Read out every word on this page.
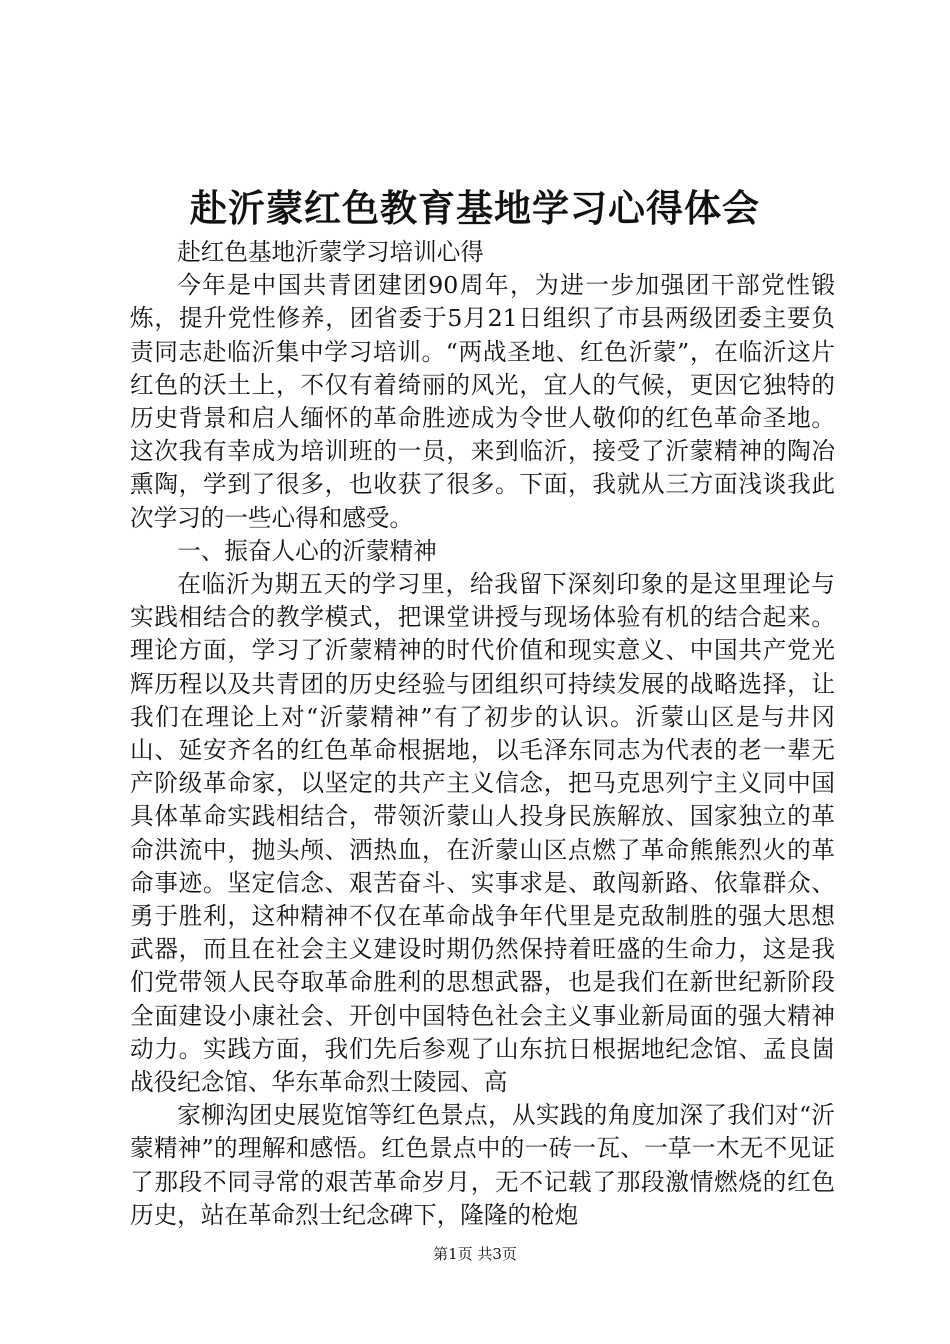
赴沂蒙红色教育基地学习心得体会

赴红色基地沂蒙学习培训心得

今年是中国共青团建团90周年，为进一步加强团干部党性锻炼，提升党性修养，团省委于5月21日组织了市县两级团委主要负责同志赴临沂集中学习培训。“两战圣地、红色沂蒙”，在临沂这片红色的沃土上，不仅有着绮丽的风光，宜人的气候，更因它独特的历史背景和启人缅怀的革命胜迹成为令世人敬仰的红色革命圣地。这次我有幸成为培训班的一员，来到临沂，接受了沂蒙精神的陶冶熏陶，学到了很多，也收获了很多。下面，我就从三方面浅谈我此次学习的一些心得和感受。

一、振奋人心的沂蒙精神

在临沂为期五天的学习里，给我留下深刻印象的是这里理论与实践相结合的教学模式，把课堂讲授与现场体验有机的结合起来。理论方面，学习了沂蒙精神的时代价值和现实意义、中国共产党光辉历程以及共青团的历史经验与团组织可持续发展的战略选择，让我们在理论上对“沂蒙精神”有了初步的认识。沂蒙山区是与井冈山、延安齐名的红色革命根据地，以毛泽东同志为代表的老一辈无产阶级革命家，以坚定的共产主义信念，把马克思列宁主义同中国具体革命实践相结合，带领沂蒙山人投身民族解放、国家独立的革命洪流中，抛头颅、洒热血，在沂蒙山区点燃了革命熊熊烈火的革命事迹。坚定信念、艰苦奋斗、实事求是、敢闯新路、依靠群众、勇于胜利，这种精神不仅在革命战争年代里是克敌制胜的强大思想武器，而且在社会主义建设时期仍然保持着旺盛的生命力，这是我们党带领人民夺取革命胜利的思想武器，也是我们在新世纪新阶段全面建设小康社会、开创中国特色社会主义事业新局面的强大精神动力。实践方面，我们先后参观了山东抗日根据地纪念馆、孟良崮战役纪念馆、华东革命烈士陵园、高

家柳沟团史展览馆等红色景点，从实践的角度加深了我们对“沂蒙精神”的理解和感悟。红色景点中的一砖一瓦、一草一木无不见证了那段不同寻常的艰苦革命岁月，无不记载了那段激情燃烧的红色历史，站在革命烈士纪念碑下，隆隆的枪炮

第1页 共3页
